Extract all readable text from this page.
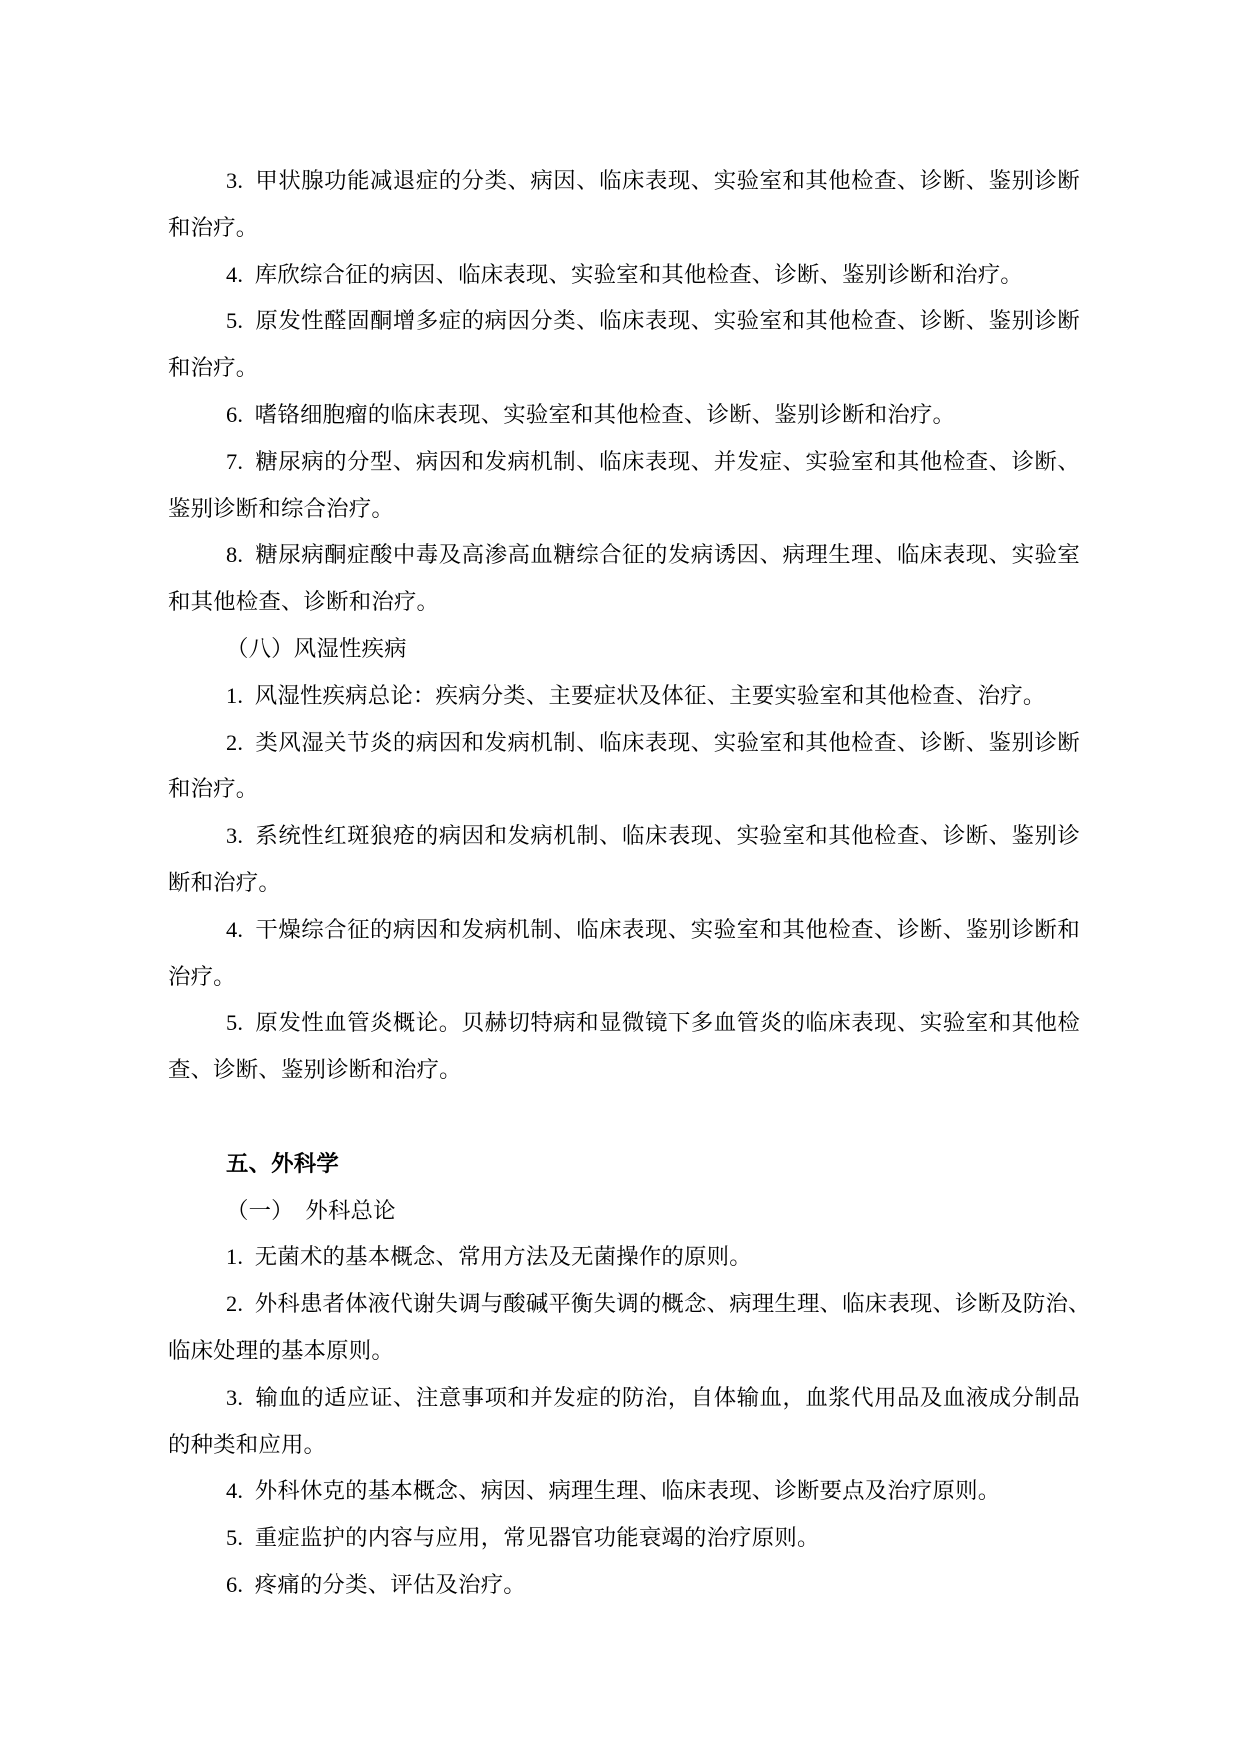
3.  甲状腺功能减退症的分类、病因、临床表现、实验室和其他检查、诊断、鉴别诊断
和治疗。
4.  库欣综合征的病因、临床表现、实验室和其他检查、诊断、鉴别诊断和治疗。
5.  原发性醛固酮增多症的病因分类、临床表现、实验室和其他检查、诊断、鉴别诊断
和治疗。
6.  嗜铬细胞瘤的临床表现、实验室和其他检查、诊断、鉴别诊断和治疗。
7.  糖尿病的分型、病因和发病机制、临床表现、并发症、实验室和其他检查、诊断、
鉴别诊断和综合治疗。
8.  糖尿病酮症酸中毒及高渗高血糖综合征的发病诱因、病理生理、临床表现、实验室
和其他检查、诊断和治疗。
（八）风湿性疾病
1.  风湿性疾病总论：疾病分类、主要症状及体征、主要实验室和其他检查、治疗。
2.  类风湿关节炎的病因和发病机制、临床表现、实验室和其他检查、诊断、鉴别诊断
和治疗。
3.  系统性红斑狼疮的病因和发病机制、临床表现、实验室和其他检查、诊断、鉴别诊
断和治疗。
4.  干燥综合征的病因和发病机制、临床表现、实验室和其他检查、诊断、鉴别诊断和
治疗。
5.  原发性血管炎概论。贝赫切特病和显微镜下多血管炎的临床表现、实验室和其他检
查、诊断、鉴别诊断和治疗。
五、外科学
（一）  外科总论
1.  无菌术的基本概念、常用方法及无菌操作的原则。
2.  外科患者体液代谢失调与酸碱平衡失调的概念、病理生理、临床表现、诊断及防治、
临床处理的基本原则。
3.  输血的适应证、注意事项和并发症的防治，自体输血，血浆代用品及血液成分制品
的种类和应用。
4.  外科休克的基本概念、病因、病理生理、临床表现、诊断要点及治疗原则。
5.  重症监护的内容与应用，常见器官功能衰竭的治疗原则。
6.  疼痛的分类、评估及治疗。
